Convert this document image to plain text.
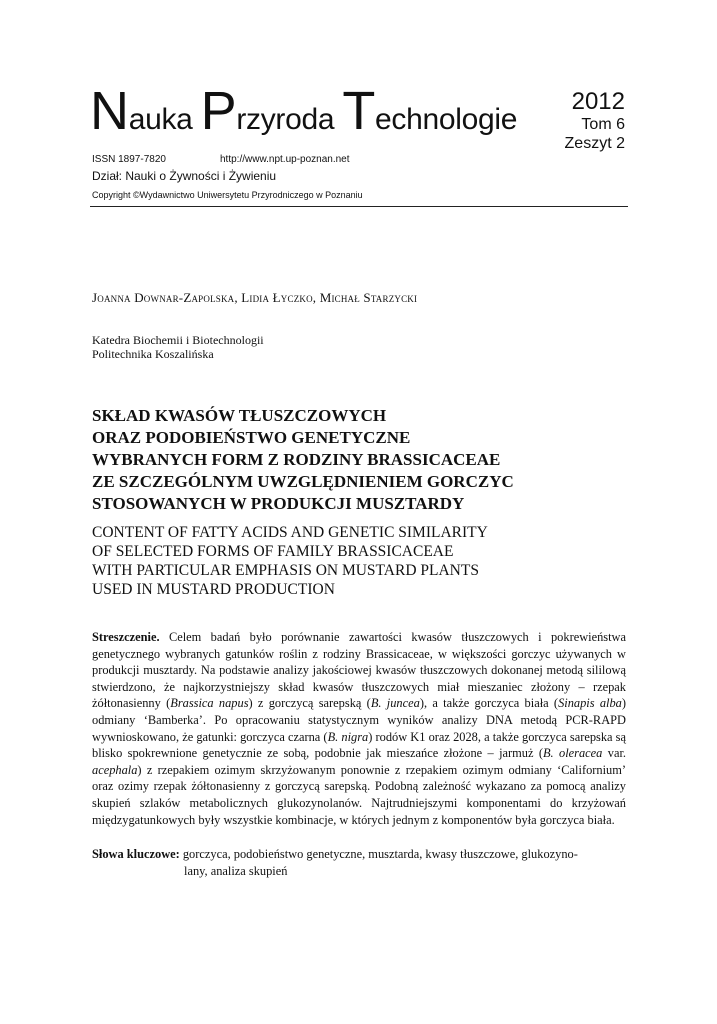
Nauka Przyroda Technologie
2012
Tom 6
Zeszyt 2
ISSN 1897-7820	http://www.npt.up-poznan.net
Dział: Nauki o Żywności i Żywieniu
Copyright ©Wydawnictwo Uniwersytetu Przyrodniczego w Poznaniu
Joanna Downar-Zapolska, Lidia Łyczko, Michał Starzycki
Katedra Biochemii i Biotechnologii
Politechnika Koszalińska
SKŁAD KWASÓW TŁUSZCZOWYCH
ORAZ PODOBIEŃSTWO GENETYCZNE
WYBRANYCH FORM Z RODZINY BRASSICACEAE
ZE SZCZEGÓLNYM UWZGLĘDNIENIEM GORCZYC
STOSOWANYCH W PRODUKCJI MUSZTARDY
CONTENT OF FATTY ACIDS AND GENETIC SIMILARITY
OF SELECTED FORMS OF FAMILY BRASSICACEAE
WITH PARTICULAR EMPHASIS ON MUSTARD PLANTS
USED IN MUSTARD PRODUCTION
Streszczenie. Celem badań było porównanie zawartości kwasów tłuszczowych i pokrewieństwa genetycznego wybranych gatunków roślin z rodziny Brassicaceae, w większości gorczyc używanych w produkcji musztardy. Na podstawie analizy jakościowej kwasów tłuszczowych dokonanej metodą sililową stwierdzono, że najkorzystniejszy skład kwasów tłuszczowych miał mieszaniec złożony – rzepak żółtonasienny (Brassica napus) z gorczycą sarepską (B. juncea), a także gorczyca biała (Sinapis alba) odmiany ‘Bamberka’. Po opracowaniu statystycznym wyników analizy DNA metodą PCR-RAPD wywnioskowano, że gatunki: gorczyca czarna (B. nigra) rodów K1 oraz 2028, a także gorczyca sarepska są blisko spokrewnione genetycznie ze sobą, podobnie jak mieszańce złożone – jarmuż (B. oleracea var. acephala) z rzepakiem ozimym skrzyżowanym ponownie z rzepakiem ozimym odmiany ‘Californium’ oraz ozimy rzepak żółtonasienny z gorczycą sarepską. Podobną zależność wykazano za pomocą analizy skupień szlaków metabolicznych glukozynolanów. Najtrudniejszymi komponentami do krzyżowań międzygatunkowych były wszystkie kombinacje, w których jednym z komponentów była gorczyca biała.
Słowa kluczowe: gorczyca, podobieństwo genetyczne, musztarda, kwasy tłuszczowe, glukozyno-
lany, analiza skupień
